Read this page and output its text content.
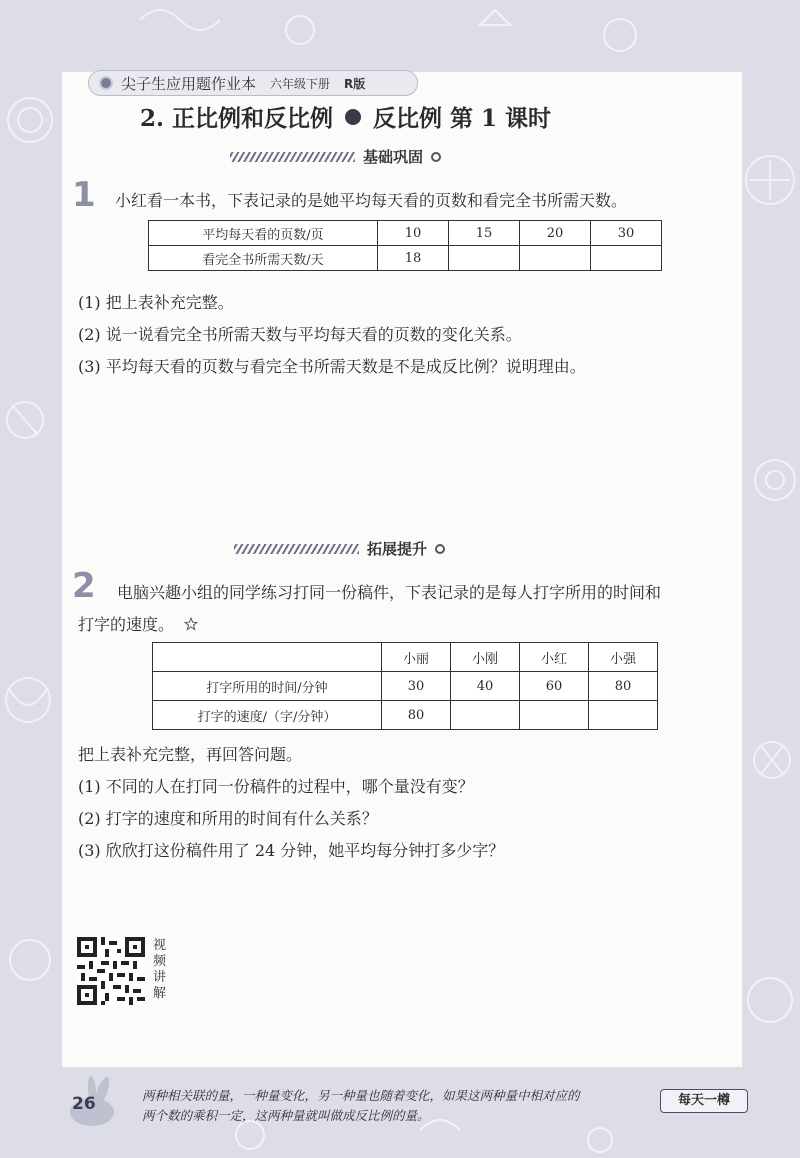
尖子生应用题作业本 六年级下册 R版
2. 正比例和反比例 反比例 第 1 课时
基础巩固
1 小红看一本书，下表记录的是她平均每天看的页数和看完全书所需天数。
平均每天看的页数/页	10	15	20	30
看完全书所需天数/天	18			
(1) 把上表补充完整。
(2) 说一说看完全书所需天数与平均每天看的页数的变化关系。
(3) 平均每天看的页数与看完全书所需天数是不是成反比例？说明理由。
拓展提升
2 电脑兴趣小组的同学练习打同一份稿件，下表记录的是每人打字所用的时间和
打字的速度。
	小丽	小刚	小红	小强
打字所用的时间/分钟	30	40	60	80
打字的速度/（字/分钟）	80			
把上表补充完整，再回答问题。
(1) 不同的人在打同一份稿件的过程中，哪个量没有变？
(2) 打字的速度和所用的时间有什么关系？
(3) 欣欣打这份稿件用了 24 分钟，她平均每分钟打多少字？
视频讲解
26	两种相关联的量，一种量变化，另一种量也随着变化，如果这两种量中相对应的
两个数的乘积一定，这两种量就叫做成反比例的量。
每天一樽
